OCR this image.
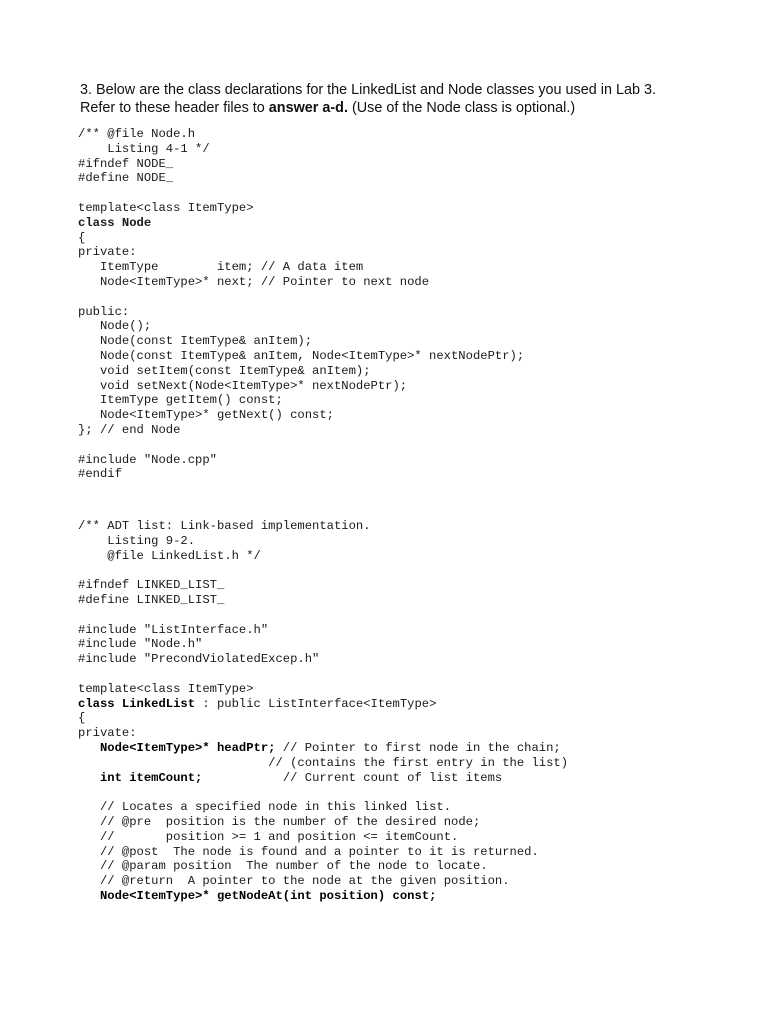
3. Below are the class declarations for the LinkedList and Node classes you used in Lab 3.
Refer to these header files to answer a-d. (Use of the Node class is optional.)
/** @file Node.h
Listing 4-1 */
#ifndef NODE_
#define NODE_
template<class ItemType>
class Node
{
private:
ItemType        item; // A data item
Node<ItemType>* next; // Pointer to next node
public:
Node();
Node(const ItemType& anItem);
Node(const ItemType& anItem, Node<ItemType>* nextNodePtr);
void setItem(const ItemType& anItem);
void setNext(Node<ItemType>* nextNodePtr);
ItemType getItem() const;
Node<ItemType>* getNext() const;
}; // end Node
#include "Node.cpp"
#endif
/** ADT list: Link-based implementation.
Listing 9-2.
@file LinkedList.h */
#ifndef LINKED_LIST_
#define LINKED_LIST_
#include "ListInterface.h"
#include "Node.h"
#include "PrecondViolatedExcep.h"
template<class ItemType>
class LinkedList : public ListInterface<ItemType>
{
private:
Node<ItemType>* headPtr; // Pointer to first node in the chain;
// (contains the first entry in the list)
int itemCount;	// Current count of list items
// Locates a specified node in this linked list.
// @pre  position is the number of the desired node;
//       position >= 1 and position <= itemCount.
// @post  The node is found and a pointer to it is returned.
// @param position  The number of the node to locate.
// @return  A pointer to the node at the given position.
Node<ItemType>* getNodeAt(int position) const;
